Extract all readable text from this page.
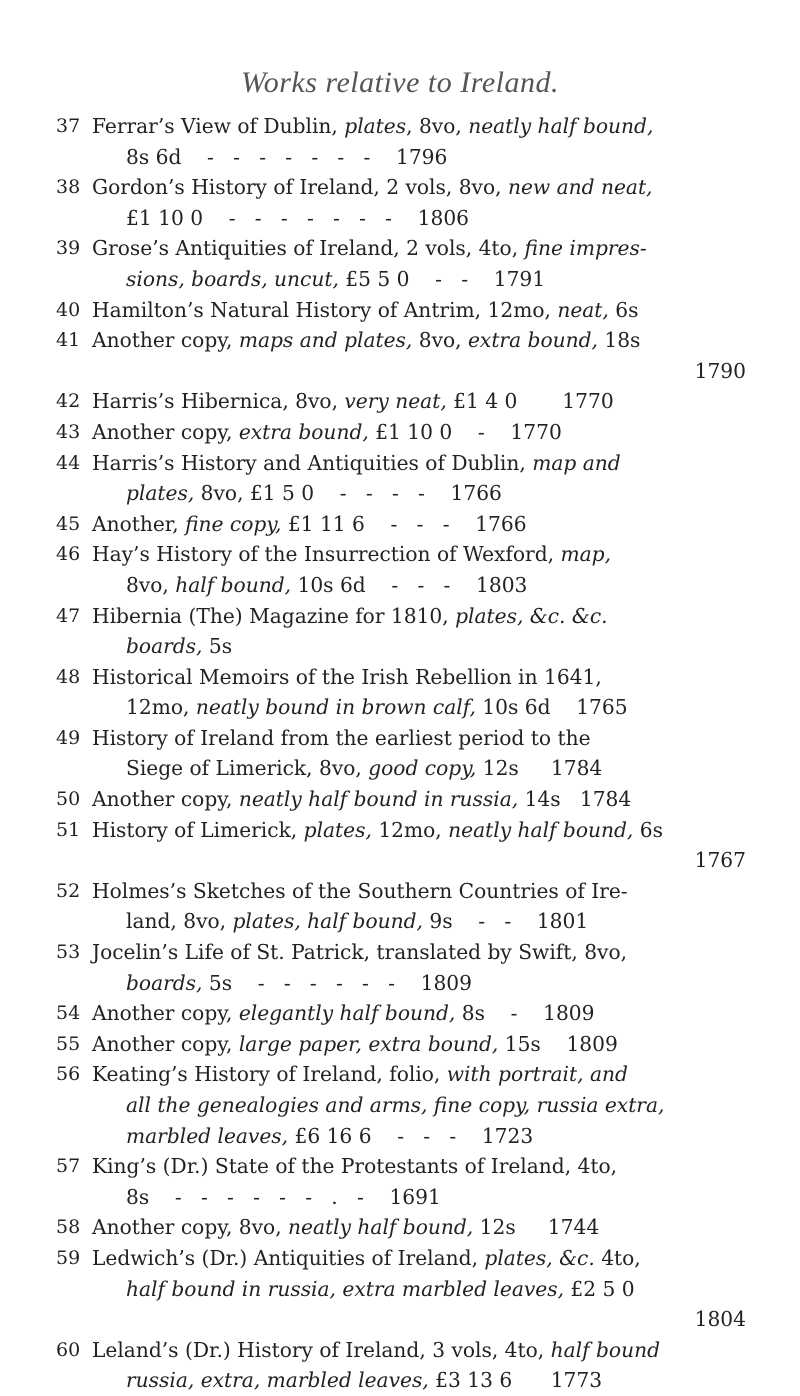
Works relative to Ireland.
37 Ferrar’s View of Dublin, plates, 8vo, neatly half bound,
8s 6d    -   -   -   -   -   -   -    1796
38 Gordon’s History of Ireland, 2 vols, 8vo, new and neat,
£1 10 0    -   -   -   -   -   -   -    1806
39 Grose’s Antiquities of Ireland, 2 vols, 4to, fine impres-
sions, boards, uncut, £5 5 0    -   -    1791
40 Hamilton’s Natural History of Antrim, 12mo, neat, 6s
41 Another copy, maps and plates, 8vo, extra bound, 18s
1790
42 Harris’s Hibernica, 8vo, very neat, £1 4 0       1770
43 Another copy, extra bound, £1 10 0    -    1770
44 Harris’s History and Antiquities of Dublin, map and
plates, 8vo, £1 5 0    -   -   -   -    1766
45 Another, fine copy, £1 11 6    -   -   -    1766
46 Hay’s History of the Insurrection of Wexford, map,
8vo, half bound, 10s 6d    -   -   -    1803
47 Hibernia (The) Magazine for 1810, plates, &c. &c.
boards, 5s
48 Historical Memoirs of the Irish Rebellion in 1641,
12mo, neatly bound in brown calf, 10s 6d    1765
49 History of Ireland from the earliest period to the
Siege of Limerick, 8vo, good copy, 12s     1784
50 Another copy, neatly half bound in russia, 14s   1784
51 History of Limerick, plates, 12mo, neatly half bound, 6s
1767
52 Holmes’s Sketches of the Southern Countries of Ire-
land, 8vo, plates, half bound, 9s    -   -    1801
53 Jocelin’s Life of St. Patrick, translated by Swift, 8vo,
boards, 5s    -   -   -   -   -   -    1809
54 Another copy, elegantly half bound, 8s    -    1809
55 Another copy, large paper, extra bound, 15s    1809
56 Keating’s History of Ireland, folio, with portrait, and
all the genealogies and arms, fine copy, russia extra,
marbled leaves, £6 16 6    -   -   -    1723
57 King’s (Dr.) State of the Protestants of Ireland, 4to,
8s    -   -   -   -   -   -   .   -    1691
58 Another copy, 8vo, neatly half bound, 12s     1744
59 Ledwich’s (Dr.) Antiquities of Ireland, plates, &c. 4to,
half bound in russia, extra marbled leaves, £2 5 0
1804
60 Leland’s (Dr.) History of Ireland, 3 vols, 4to, half bound
russia, extra, marbled leaves, £3 13 6      1773
